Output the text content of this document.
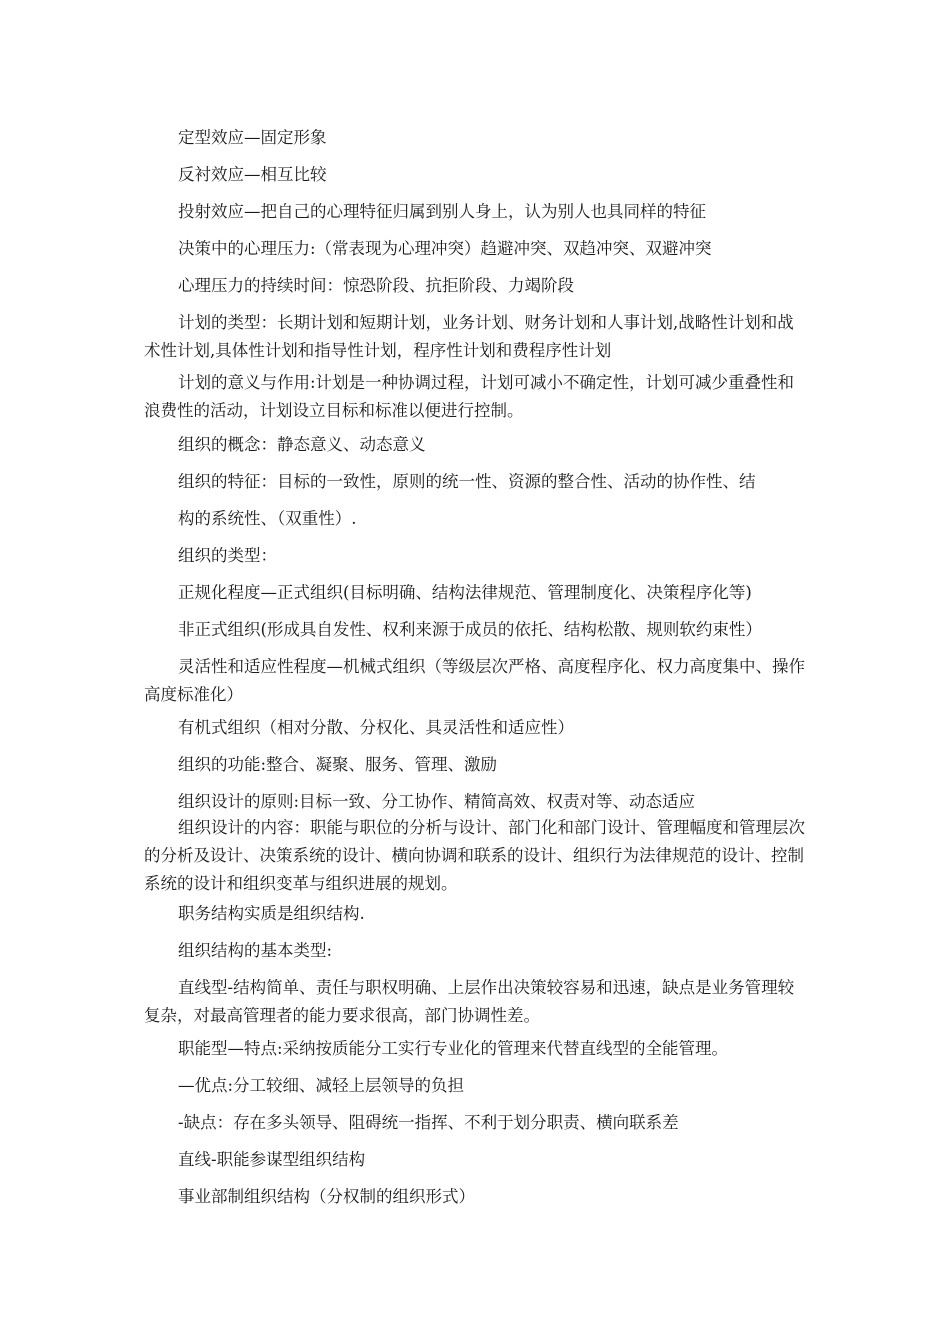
定型效应—固定形象

反衬效应—相互比较

投射效应—把自己的心理特征归属到别人身上，认为别人也具同样的特征

决策中的心理压力:（常表现为心理冲突）趋避冲突、双趋冲突、双避冲突

心理压力的持续时间：惊恐阶段、抗拒阶段、力竭阶段

计划的类型：长期计划和短期计划，业务计划、财务计划和人事计划,战略性计划和战术性计划,具体性计划和指导性计划，程序性计划和费程序性计划

计划的意义与作用:计划是一种协调过程，计划可减小不确定性，计划可减少重叠性和浪费性的活动，计划设立目标和标准以便进行控制。

组织的概念：静态意义、动态意义

组织的特征：目标的一致性，原则的统一性、资源的整合性、活动的协作性、结

构的系统性、（双重性）.

组织的类型：

正规化程度—正式组织(目标明确、结构法律规范、管理制度化、决策程序化等)

非正式组织(形成具自发性、权利来源于成员的依托、结构松散、规则软约束性）

灵活性和适应性程度—机械式组织（等级层次严格、高度程序化、权力高度集中、操作高度标准化）

有机式组织（相对分散、分权化、具灵活性和适应性）

组织的功能:整合、凝聚、服务、管理、激励

组织设计的原则:目标一致、分工协作、精简高效、权责对等、动态适应

组织设计的内容：职能与职位的分析与设计、部门化和部门设计、管理幅度和管理层次的分析及设计、决策系统的设计、横向协调和联系的设计、组织行为法律规范的设计、控制系统的设计和组织变革与组织进展的规划。

职务结构实质是组织结构.

组织结构的基本类型:

直线型-结构简单、责任与职权明确、上层作出决策较容易和迅速，缺点是业务管理较复杂，对最高管理者的能力要求很高，部门协调性差。

职能型—特点:采纳按质能分工实行专业化的管理来代替直线型的全能管理。

—优点:分工较细、减轻上层领导的负担

-缺点：存在多头领导、阻碍统一指挥、不利于划分职责、横向联系差

直线-职能参谋型组织结构

事业部制组织结构（分权制的组织形式）
